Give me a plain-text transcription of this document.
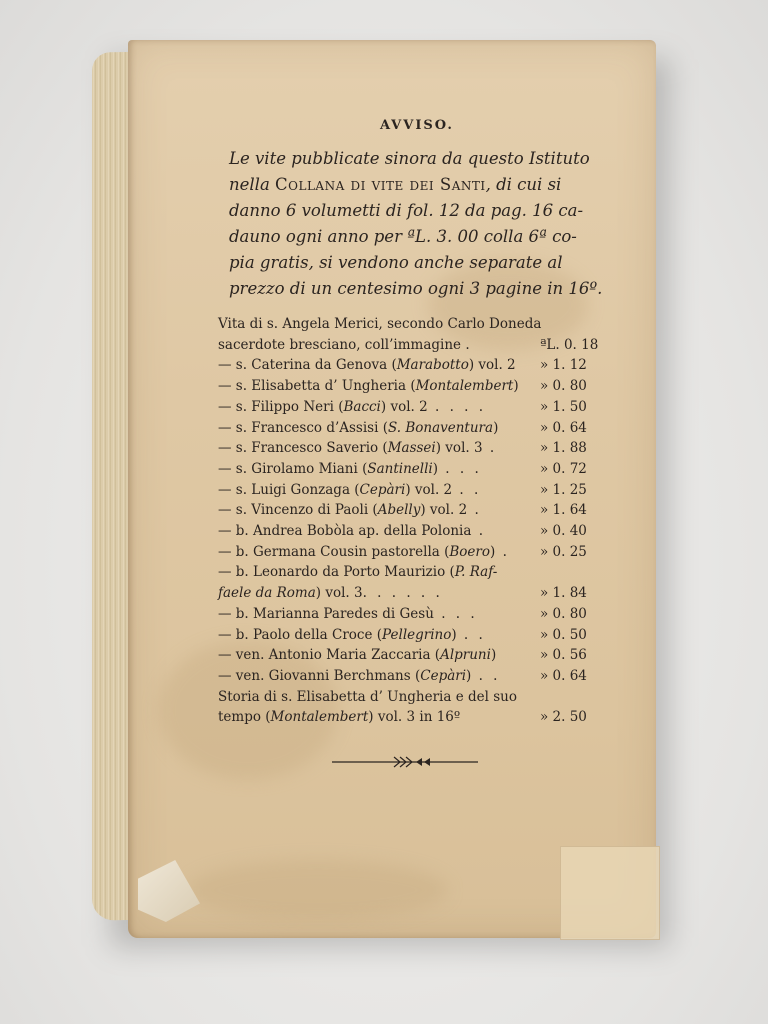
AVVISO.
Le vite pubblicate sinora da questo Istituto
nella Collana di vite dei Santi, di cui si
danno 6 volumetti di fol. 12 da pag. 16 ca-
dauno ogni anno per ªL. 3. 00 colla 6ª co-
pia gratis, si vendono anche separate al
prezzo di un centesimo ogni 3 pagine in 16º.
Vita di s. Angela Merici, secondo Carlo Doneda
sacerdote bresciano, coll’immagine .	ªL. 0. 18
— s. Caterina da Genova (Marabotto) vol. 2 » 1. 12
— s. Elisabetta d’ Ungheria (Montalembert) » 0. 80
— s. Filippo Neri (Bacci) vol. 2 . . . .	» 1. 50
— s. Francesco d’Assisi (S. Bonaventura)	» 0. 64
— s. Francesco Saverio (Massei) vol. 3 .	» 1. 88
— s. Girolamo Miani (Santinelli) . . .	» 0. 72
— s. Luigi Gonzaga (Cepàri) vol. 2 . .	» 1. 25
— s. Vincenzo di Paoli (Abelly) vol. 2 .	» 1. 64
— b. Andrea Bobòla ap. della Polonia .	» 0. 40
— b. Germana Cousin pastorella (Boero) . » 0. 25
— b. Leonardo da Porto Maurizio (P. Raf-
faele da Roma) vol. 3. . . . . .	» 1. 84
— b. Marianna Paredes di Gesù . . .	» 0. 80
— b. Paolo della Croce (Pellegrino) . .	» 0. 50
— ven. Antonio Maria Zaccaria (Alpruni)	» 0. 56
— ven. Giovanni Berchmans (Cepàri) . .	» 0. 64
Storia di s. Elisabetta d’ Ungheria e del suo
tempo (Montalembert) vol. 3 in 16º	» 2. 50
